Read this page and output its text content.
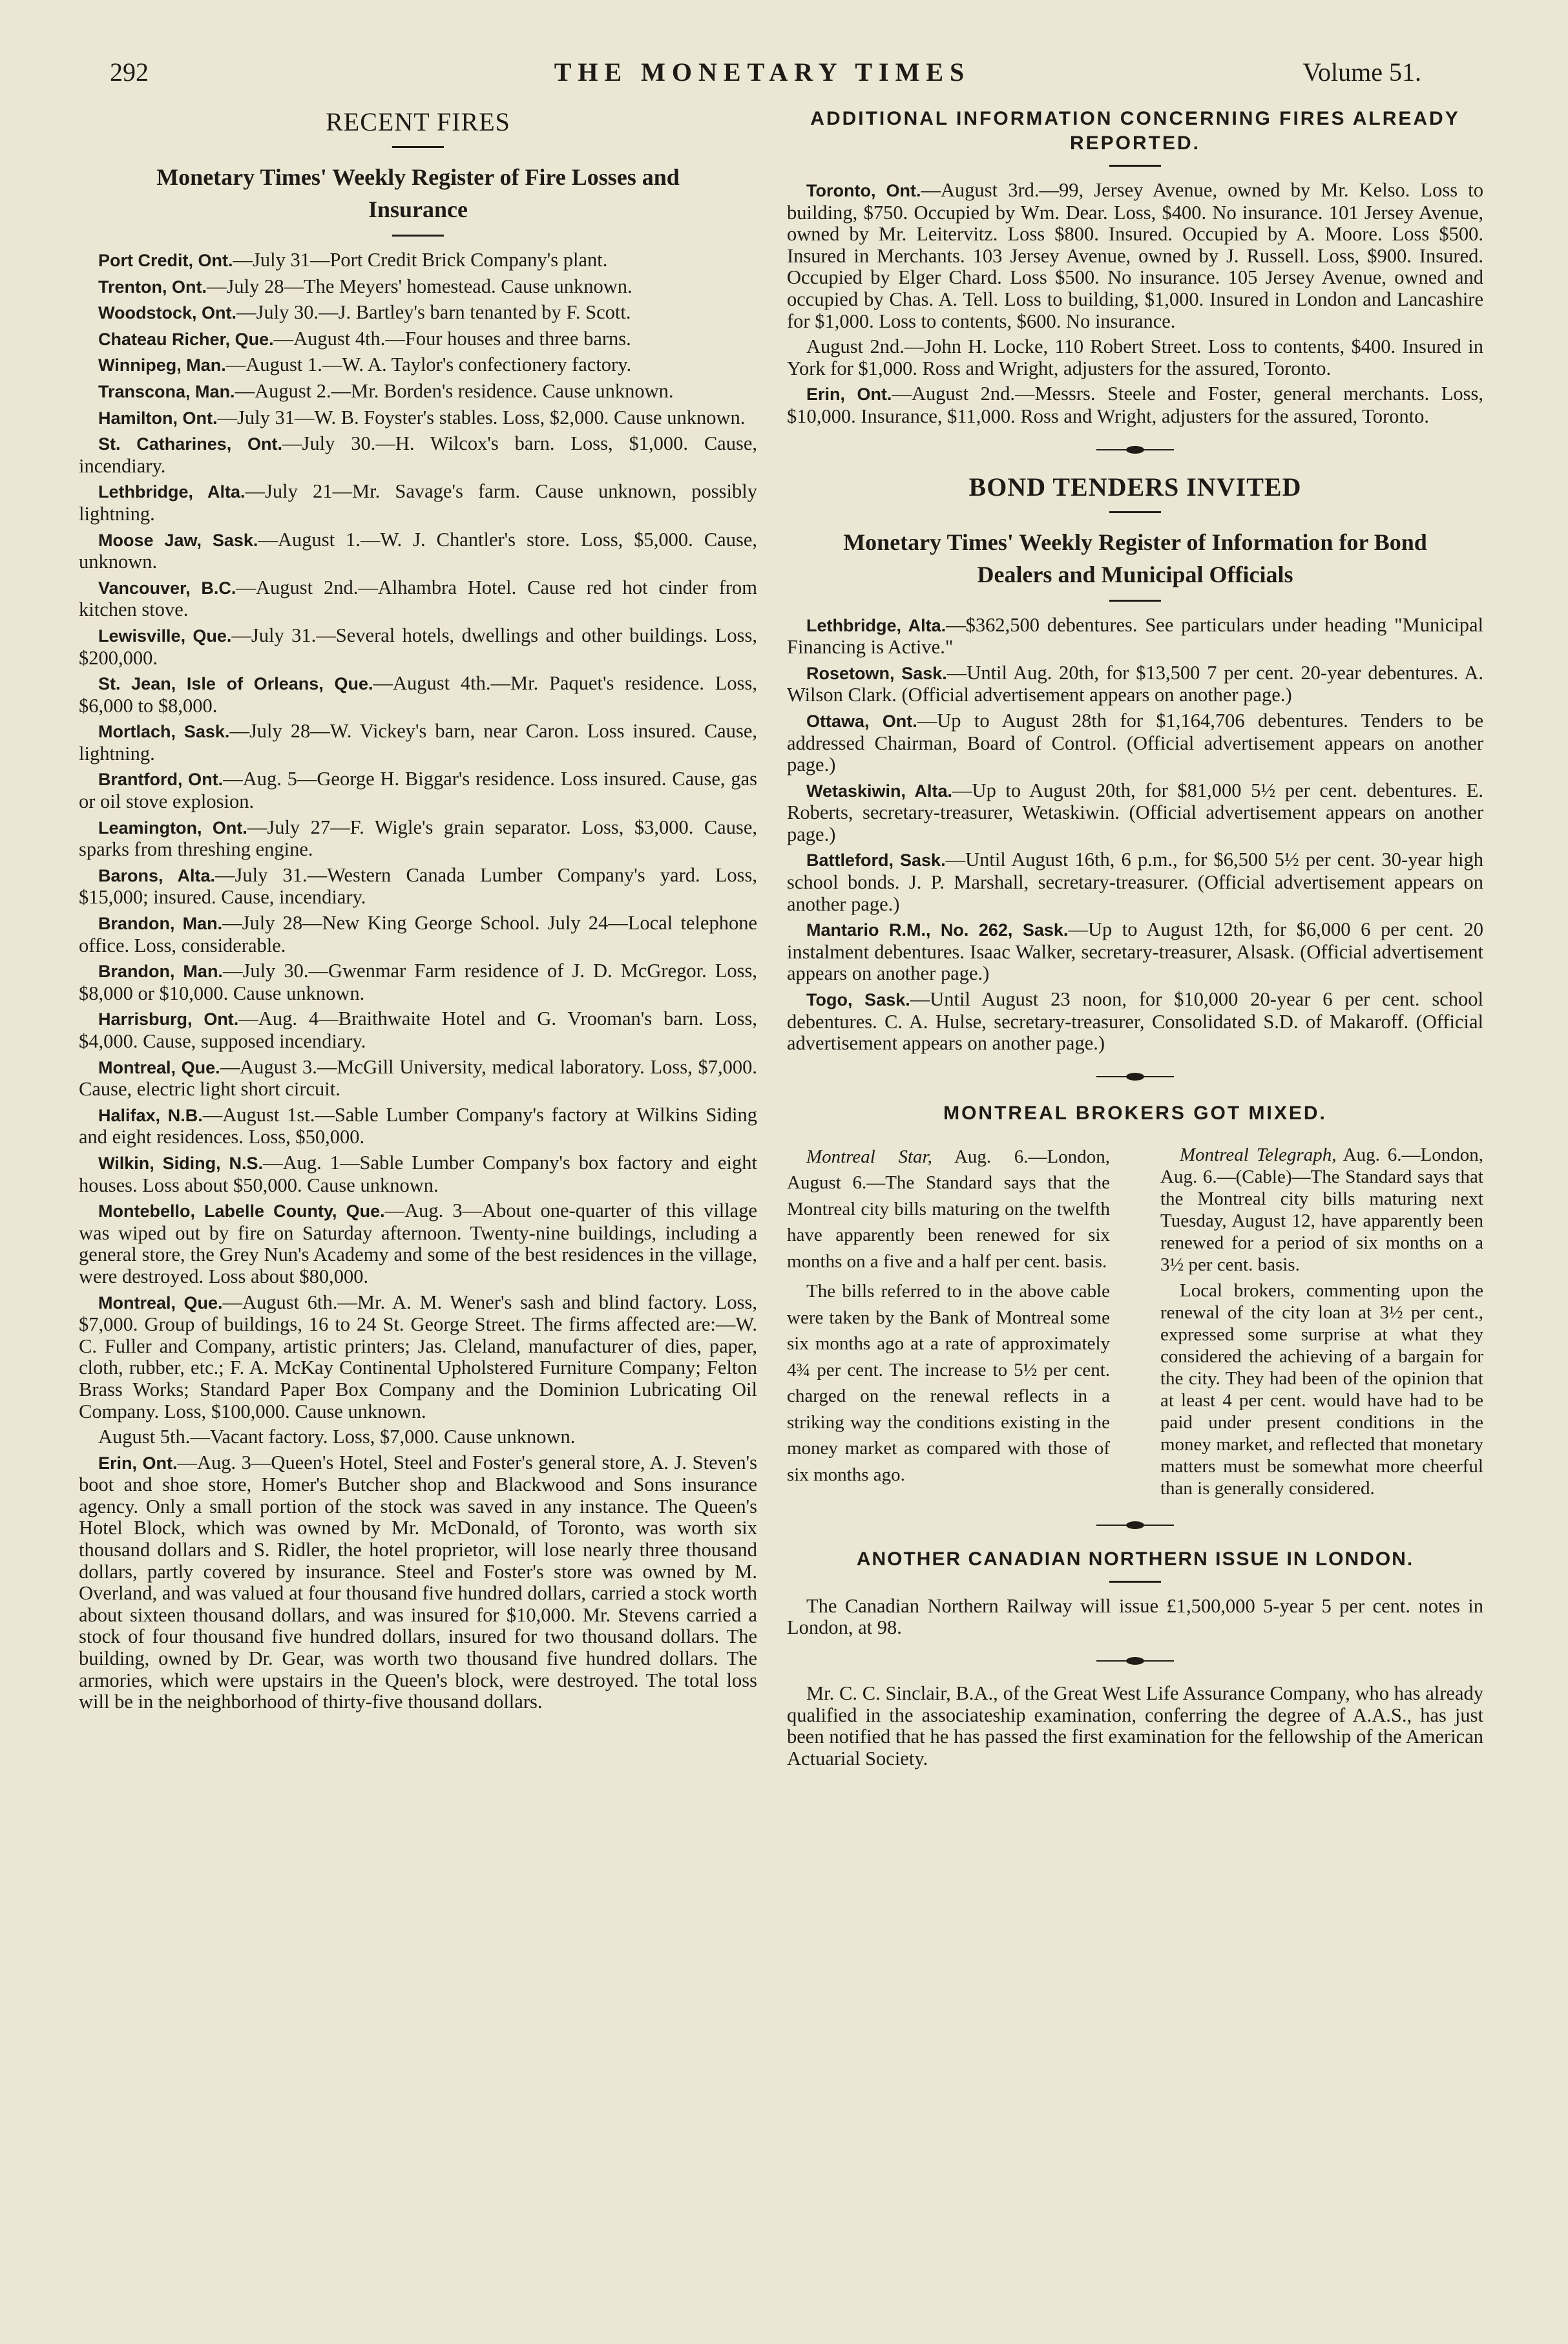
292	THE MONETARY TIMES	Volume 51.
RECENT FIRES
Monetary Times' Weekly Register of Fire Losses and Insurance

Port Credit, Ont.—July 31—Port Credit Brick Company's plant.

Trenton, Ont.—July 28—The Meyers' homestead. Cause unknown.

Woodstock, Ont.—July 30.—J. Bartley's barn tenanted by F. Scott.

Chateau Richer, Que.—August 4th.—Four houses and three barns.

Winnipeg, Man.—August 1.—W. A. Taylor's confectionery factory.

Transcona, Man.—August 2.—Mr. Borden's residence. Cause unknown.

Hamilton, Ont.—July 31—W. B. Foyster's stables. Loss, $2,000. Cause unknown.

St. Catharines, Ont.—July 30.—H. Wilcox's barn. Loss, $1,000. Cause, incendiary.

Lethbridge, Alta.—July 21—Mr. Savage's farm. Cause unknown, possibly lightning.

Moose Jaw, Sask.—August 1.—W. J. Chantler's store. Loss, $5,000. Cause, unknown.

Vancouver, B.C.—August 2nd.—Alhambra Hotel. Cause red hot cinder from kitchen stove.

Lewisville, Que.—July 31.—Several hotels, dwellings and other buildings. Loss, $200,000.

St. Jean, Isle of Orleans, Que.—August 4th.—Mr. Paquet's residence. Loss, $6,000 to $8,000.

Mortlach, Sask.—July 28—W. Vickey's barn, near Caron. Loss insured. Cause, lightning.

Brantford, Ont.—Aug. 5—George H. Biggar's residence. Loss insured. Cause, gas or oil stove explosion.

Leamington, Ont.—July 27—F. Wigle's grain separator. Loss, $3,000. Cause, sparks from threshing engine.

Barons, Alta.—July 31.—Western Canada Lumber Company's yard. Loss, $15,000; insured. Cause, incendiary.

Brandon, Man.—July 28—New King George School. July 24—Local telephone office. Loss, considerable.

Brandon, Man.—July 30.—Gwenmar Farm residence of J. D. McGregor. Loss, $8,000 or $10,000. Cause unknown.

Harrisburg, Ont.—Aug. 4—Braithwaite Hotel and G. Vrooman's barn. Loss, $4,000. Cause, supposed incendiary.

Montreal, Que.—August 3.—McGill University, medical laboratory. Loss, $7,000. Cause, electric light short circuit.

Halifax, N.B.—August 1st.—Sable Lumber Company's factory at Wilkins Siding and eight residences. Loss, $50,000.

Wilkin, Siding, N.S.—Aug. 1—Sable Lumber Company's box factory and eight houses. Loss about $50,000. Cause unknown.

Montebello, Labelle County, Que.—Aug. 3—About one-quarter of this village was wiped out by fire on Saturday afternoon. Twenty-nine buildings, including a general store, the Grey Nun's Academy and some of the best residences in the village, were destroyed. Loss about $80,000.

Montreal, Que.—August 6th.—Mr. A. M. Wener's sash and blind factory. Loss, $7,000. Group of buildings, 16 to 24 St. George Street. The firms affected are:—W. C. Fuller and Company, artistic printers; Jas. Cleland, manufacturer of dies, paper, cloth, rubber, etc.; F. A. McKay Continental Upholstered Furniture Company; Felton Brass Works; Standard Paper Box Company and the Dominion Lubricating Oil Company. Loss, $100,000. Cause unknown.

August 5th.—Vacant factory. Loss, $7,000. Cause unknown.

Erin, Ont.—Aug. 3—Queen's Hotel, Steel and Foster's general store, A. J. Steven's boot and shoe store, Homer's Butcher shop and Blackwood and Sons insurance agency. Only a small portion of the stock was saved in any instance. The Queen's Hotel Block, which was owned by Mr. McDonald, of Toronto, was worth six thousand dollars and S. Ridler, the hotel proprietor, will lose nearly three thousand dollars, partly covered by insurance. Steel and Foster's store was owned by M. Overland, and was valued at four thousand five hundred dollars, carried a stock worth about sixteen thousand dollars, and was insured for $10,000. Mr. Stevens carried a stock of four thousand five hundred dollars, insured for two thousand dollars. The building, owned by Dr. Gear, was worth two thousand five hundred dollars. The armories, which were upstairs in the Queen's block, were destroyed. The total loss will be in the neighborhood of thirty-five thousand dollars.

ADDITIONAL INFORMATION CONCERNING FIRES ALREADY REPORTED.

Toronto, Ont.—August 3rd.—99, Jersey Avenue, owned by Mr. Kelso. Loss to building, $750. Occupied by Wm. Dear. Loss, $400. No insurance. 101 Jersey Avenue, owned by Mr. Leitervitz. Loss $800. Insured. Occupied by A. Moore. Loss $500. Insured in Merchants. 103 Jersey Avenue, owned by J. Russell. Loss, $900. Insured. Occupied by Elger Chard. Loss $500. No insurance. 105 Jersey Avenue, owned and occupied by Chas. A. Tell. Loss to building, $1,000. Insured in London and Lancashire for $1,000. Loss to contents, $600. No insurance.

August 2nd.—John H. Locke, 110 Robert Street. Loss to contents, $400. Insured in York for $1,000. Ross and Wright, adjusters for the assured, Toronto.

Erin, Ont.—August 2nd.—Messrs. Steele and Foster, general merchants. Loss, $10,000. Insurance, $11,000. Ross and Wright, adjusters for the assured, Toronto.

BOND TENDERS INVITED
Monetary Times' Weekly Register of Information for Bond Dealers and Municipal Officials

Lethbridge, Alta.—$362,500 debentures. See particulars under heading "Municipal Financing is Active."

Rosetown, Sask.—Until Aug. 20th, for $13,500 7 per cent. 20-year debentures. A. Wilson Clark. (Official advertisement appears on another page.)

Ottawa, Ont.—Up to August 28th for $1,164,706 debentures. Tenders to be addressed Chairman, Board of Control. (Official advertisement appears on another page.)

Wetaskiwin, Alta.—Up to August 20th, for $81,000 5½ per cent. debentures. E. Roberts, secretary-treasurer, Wetaskiwin. (Official advertisement appears on another page.)

Battleford, Sask.—Until August 16th, 6 p.m., for $6,500 5½ per cent. 30-year high school bonds. J. P. Marshall, secretary-treasurer. (Official advertisement appears on another page.)

Mantario R.M., No. 262, Sask.—Up to August 12th, for $6,000 6 per cent. 20 instalment debentures. Isaac Walker, secretary-treasurer, Alsask. (Official advertisement appears on another page.)

Togo, Sask.—Until August 23 noon, for $10,000 20-year 6 per cent. school debentures. C. A. Hulse, secretary-treasurer, Consolidated S.D. of Makaroff. (Official advertisement appears on another page.)

MONTREAL BROKERS GOT MIXED.

Montreal Star, Aug. 6.—London, August 6.—The Standard says that the Montreal city bills maturing on the twelfth have apparently been renewed for six months on a five and a half per cent. basis.

The bills referred to in the above cable were taken by the Bank of Montreal some six months ago at a rate of approximately 4¾ per cent. The increase to 5½ per cent. charged on the renewal reflects in a striking way the conditions existing in the money market as compared with those of six months ago.

Montreal Telegraph, Aug. 6.—London, Aug. 6.—(Cable)—The Standard says that the Montreal city bills maturing next Tuesday, August 12, have apparently been renewed for a period of six months on a 3½ per cent. basis.

Local brokers, commenting upon the renewal of the city loan at 3½ per cent., expressed some surprise at what they considered the achieving of a bargain for the city. They had been of the opinion that at least 4 per cent. would have had to be paid under present conditions in the money market, and reflected that monetary matters must be somewhat more cheerful than is generally considered.

ANOTHER CANADIAN NORTHERN ISSUE IN LONDON.

The Canadian Northern Railway will issue £1,500,000 5-year 5 per cent. notes in London, at 98.

Mr. C. C. Sinclair, B.A., of the Great West Life Assurance Company, who has already qualified in the associateship examination, conferring the degree of A.A.S., has just been notified that he has passed the first examination for the fellowship of the American Actuarial Society.
